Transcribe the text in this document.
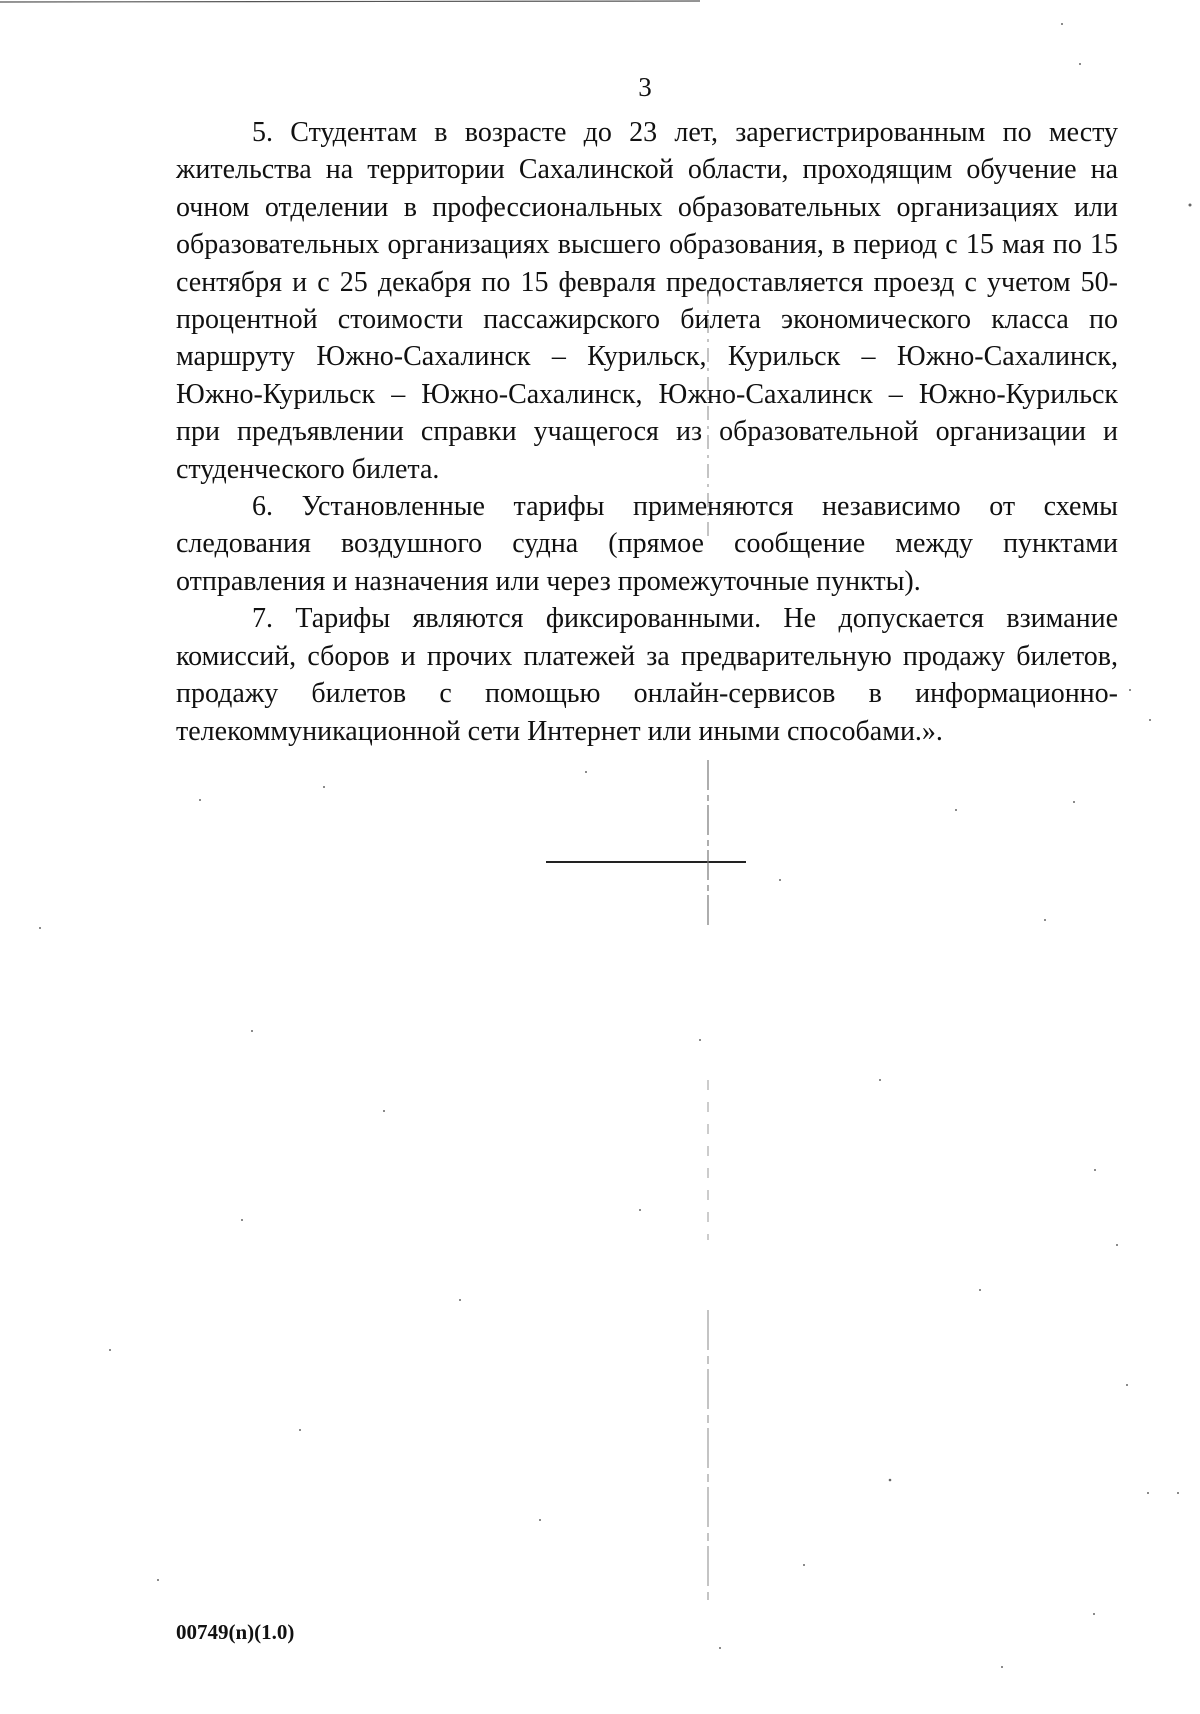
3

5. Студентам в возрасте до 23 лет, зарегистрированным по месту жительства на территории Сахалинской области, проходящим обучение на очном отделении в профессиональных образовательных организациях или образовательных организациях высшего образования, в период с 15 мая по 15 сентября и с 25 декабря по 15 февраля предоставляется проезд с учетом 50-процентной стоимости пассажирского билета экономического класса по маршруту Южно-Сахалинск – Курильск, Курильск – Южно-Сахалинск, Южно-Курильск – Южно-Сахалинск, Южно-Сахалинск – Южно-Курильск при предъявлении справки учащегося из образовательной организации и студенческого билета.

6. Установленные тарифы применяются независимо от схемы следования воздушного судна (прямое сообщение между пунктами отправления и назначения или через промежуточные пункты).

7. Тарифы являются фиксированными. Не допускается взимание комиссий, сборов и прочих платежей за предварительную продажу билетов, продажу билетов с помощью онлайн-сервисов в информационно-телекоммуникационной сети Интернет или иными способами.».

00749(n)(1.0)
